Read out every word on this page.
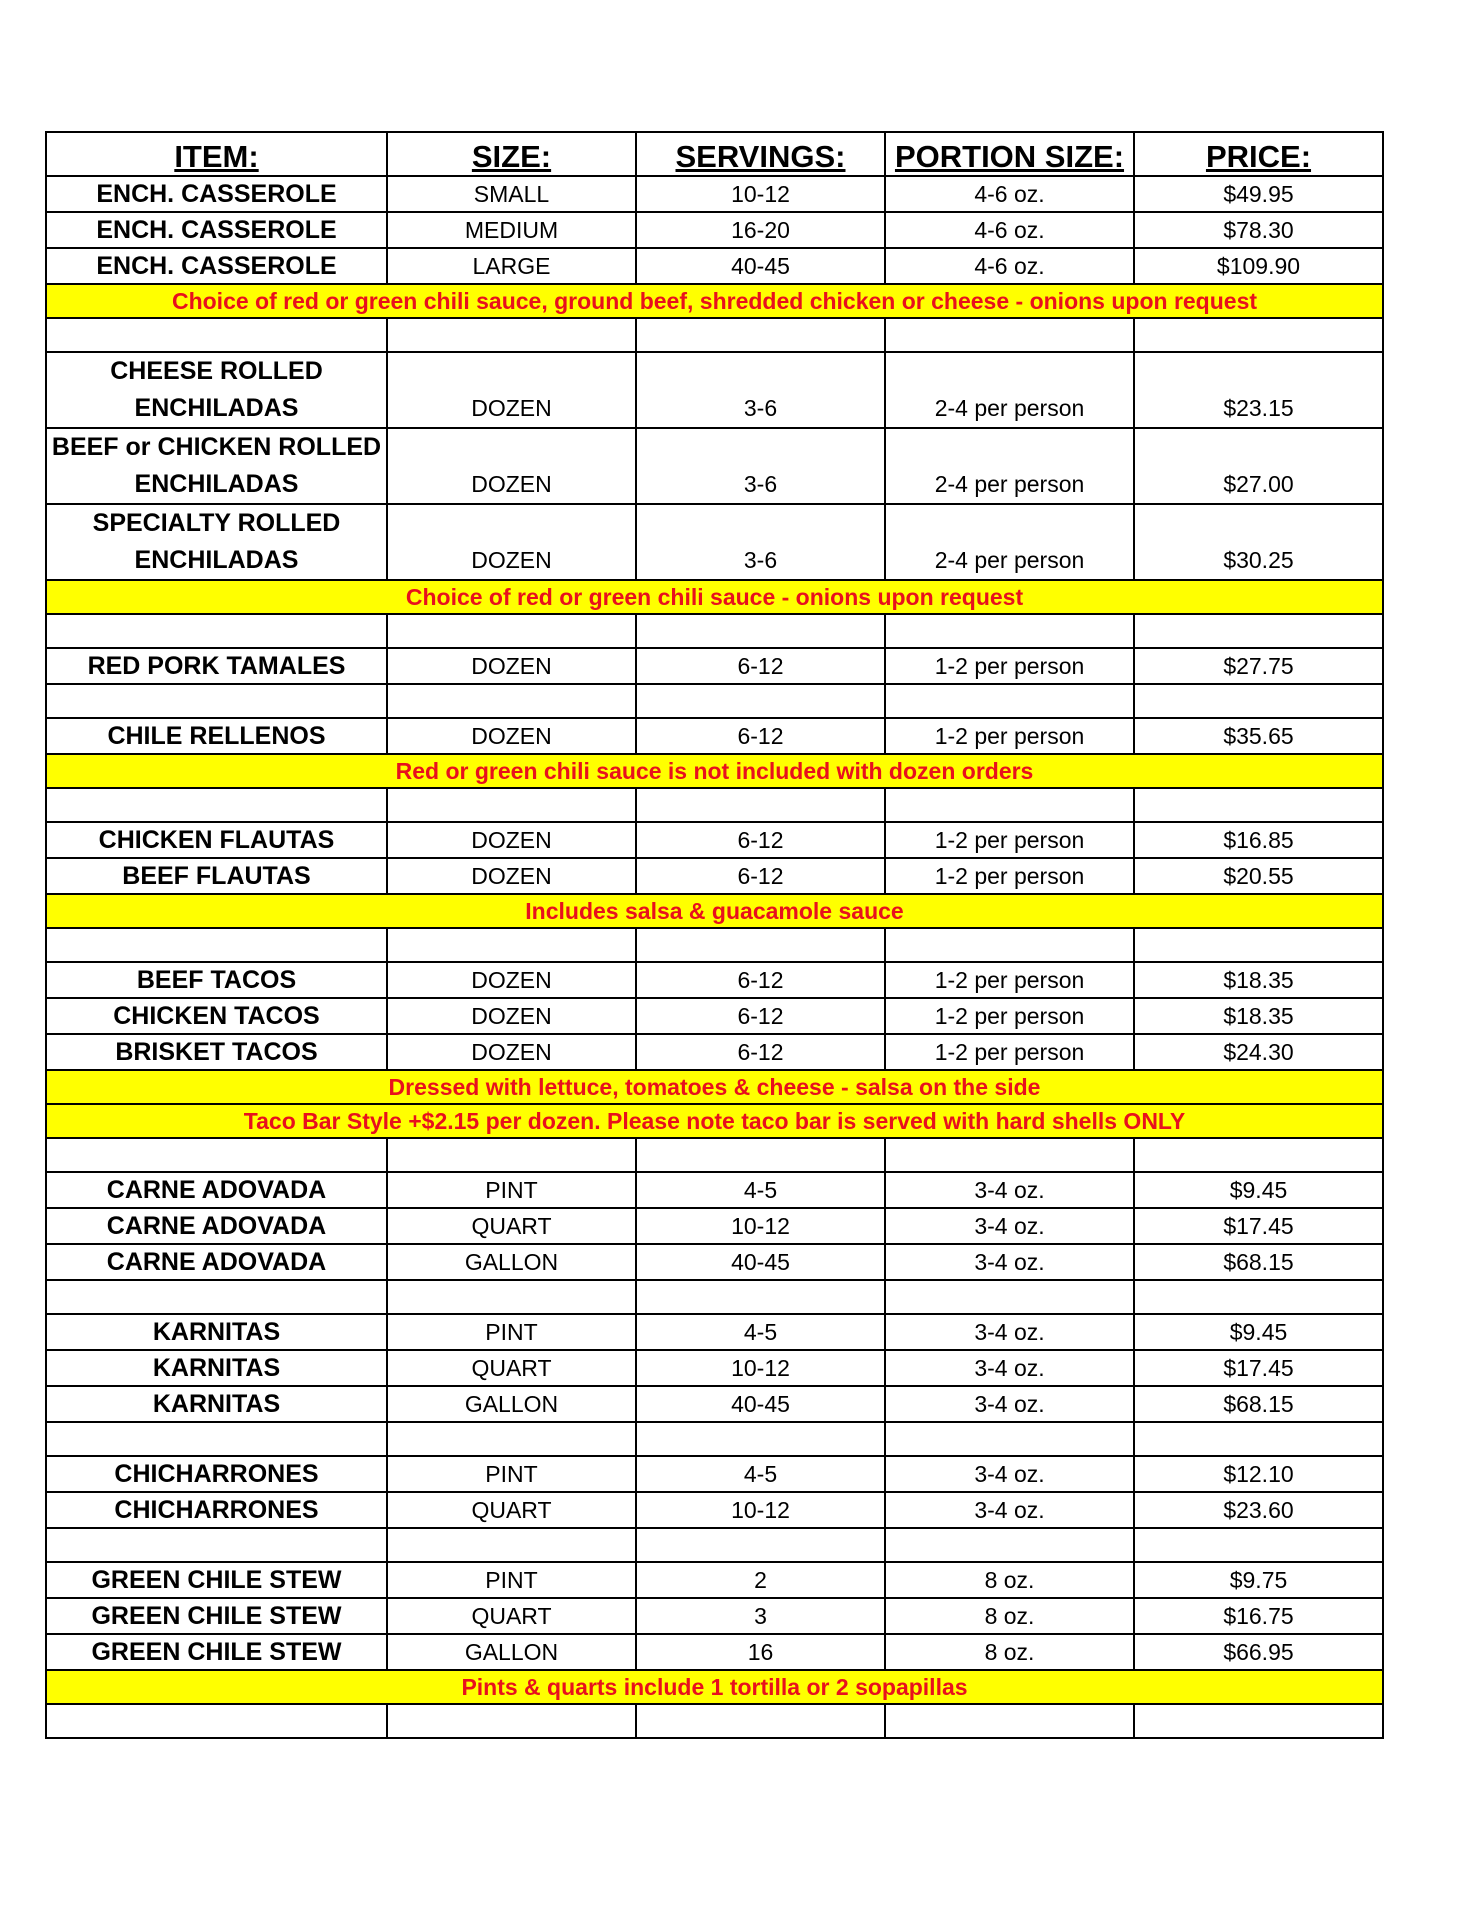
ITEM:	SIZE:	SERVINGS:	PORTION SIZE:	PRICE:
ENCH. CASSEROLE	SMALL	10-12	4-6 oz.	$49.95
ENCH. CASSEROLE	MEDIUM	16-20	4-6 oz.	$78.30
ENCH. CASSEROLE	LARGE	40-45	4-6 oz.	$109.90
Choice of red or green chili sauce, ground beef, shredded chicken or cheese - onions upon request				

CHEESE ROLLED
ENCHILADAS	DOZEN	3-6	2-4 per person	$23.15

BEEF or CHICKEN ROLLED
ENCHILADAS	DOZEN	3-6	2-4 per person	$27.00

SPECIALTY ROLLED
ENCHILADAS	DOZEN	3-6	2-4 per person	$30.25
Choice of red or green chili sauce - onions upon request				

RED PORK TAMALES	DOZEN	6-12	1-2 per person	$27.75

CHILE RELLENOS	DOZEN	6-12	1-2 per person	$35.65
Red or green chili sauce is not included with dozen orders				

CHICKEN FLAUTAS	DOZEN	6-12	1-2 per person	$16.85
BEEF FLAUTAS	DOZEN	6-12	1-2 per person	$20.55
Includes salsa & guacamole sauce				

BEEF TACOS	DOZEN	6-12	1-2 per person	$18.35
CHICKEN TACOS	DOZEN	6-12	1-2 per person	$18.35
BRISKET TACOS	DOZEN	6-12	1-2 per person	$24.30
Dressed with lettuce, tomatoes & cheese - salsa on the side				
Taco Bar Style +$2.15 per dozen. Please note taco bar is served with hard shells ONLY				

CARNE ADOVADA	PINT	4-5	3-4 oz.	$9.45
CARNE ADOVADA	QUART	10-12	3-4 oz.	$17.45
CARNE ADOVADA	GALLON	40-45	3-4 oz.	$68.15

KARNITAS	PINT	4-5	3-4 oz.	$9.45
KARNITAS	QUART	10-12	3-4 oz.	$17.45
KARNITAS	GALLON	40-45	3-4 oz.	$68.15

CHICHARRONES	PINT	4-5	3-4 oz.	$12.10
CHICHARRONES	QUART	10-12	3-4 oz.	$23.60

GREEN CHILE STEW	PINT	2	8 oz.	$9.75
GREEN CHILE STEW	QUART	3	8 oz.	$16.75
GREEN CHILE STEW	GALLON	16	8 oz.	$66.95
Pints & quarts include 1 tortilla or 2 sopapillas				
